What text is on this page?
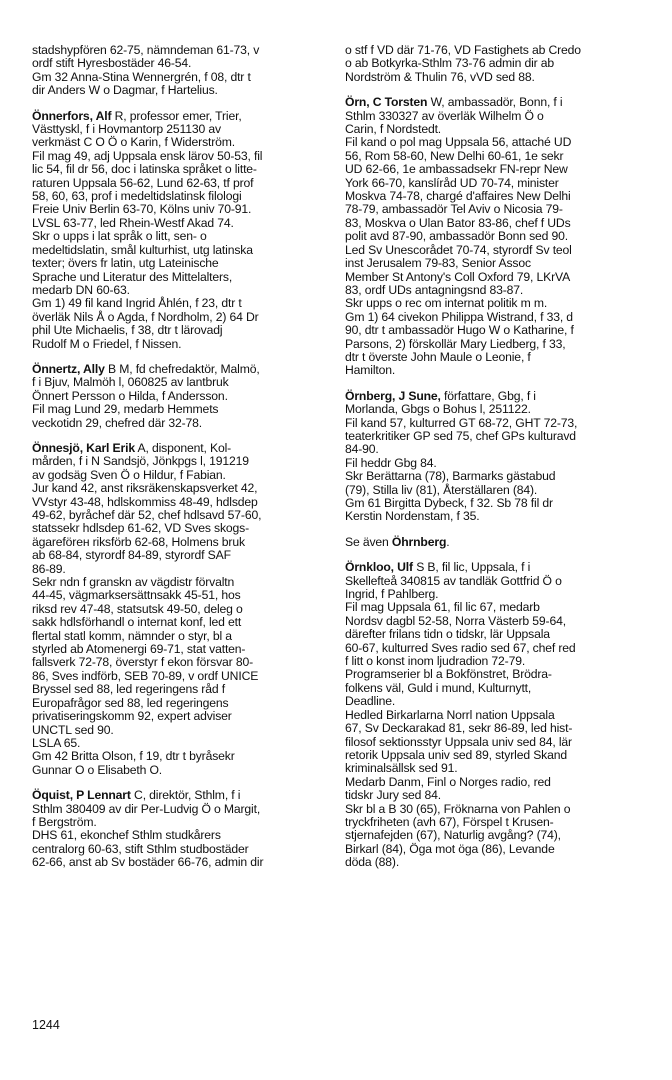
stadshypfören 62-75, nämndeman 61-73, v
ordf stift Hyresbostäder 46-54.
Gm 32 Anna-Stina Wennergrén, f 08, dtr t
dir Anders W o Dagmar, f Hartelius.
Önnerfors, Alf R, professor emer, Trier,
Västtyskl, f i Hovmantorp 251130 av
verkmäst C O Ö o Karin, f Widerström.
Fil mag 49, adj Uppsala ensk lärov 50-53, fil
lic 54, fil dr 56, doc i latinska språket o litte-
raturen Uppsala 56-62, Lund 62-63, tf prof
58, 60, 63, prof i medeltidslatinsk filologi
Freie Univ Berlin 63-70, Kölns univ 70-91.
LVSL 63-77, led Rhein-Westf Akad 74.
Skr o upps i lat språk o litt, sen- o
medeltidslatin, smål kulturhist, utg latinska
texter; övers fr latin, utg Lateinische
Sprache und Literatur des Mittelalters,
medarb DN 60-63.
Gm 1) 49 fil kand Ingrid Åhlén, f 23, dtr t
överläk Nils Å o Agda, f Nordholm, 2) 64 Dr
phil Ute Michaelis, f 38, dtr t lärovadj
Rudolf M o Friedel, f Nissen.
Önnertz, Ally B M, fd chefredaktör, Malmö,
f i Bjuv, Malmöh l, 060825 av lantbruk
Önnert Persson o Hilda, f Andersson.
Fil mag Lund 29, medarb Hemmets
veckotidn 29, chefred där 32-78.
Önnesjö, Karl Erik A, disponent, Kol-
mården, f i N Sandsjö, Jönkpgs l, 191219
av godsäg Sven Ö o Hildur, f Fabian.
Jur kand 42, anst riksräkenskapsverket 42,
VVstyr 43-48, hdlskommiss 48-49, hdlsdep
49-62, byråchef där 52, chef hdlsavd 57-60,
statssekr hdlsdep 61-62, VD Sves skogs-
ägareförен riksförb 62-68, Holmens bruk
ab 68-84, styrordf 84-89, styrordf SAF
86-89.
Sekr ndn f granskn av vägdistr förvaltn
44-45, vägmarksersättnsakk 45-51, hos
riksd rev 47-48, statsutsk 49-50, deleg o
sakk hdlsförhandl o internat konf, led ett
flertal statl komm, nämnder o styr, bl a
styrled ab Atomenergi 69-71, stat vatten-
fallsverk 72-78, överstyr f ekon försvar 80-
86, Sves indförb, SEB 70-89, v ordf UNICE
Bryssel sed 88, led regeringens råd f
Europafrågor sed 88, led regeringens
privatiseringskomm 92, expert adviser
UNCTL sed 90.
LSLA 65.
Gm 42 Britta Olson, f 19, dtr t byråsekr
Gunnar O o Elisabeth O.
Öquist, P Lennart C, direktör, Sthlm, f i
Sthlm 380409 av dir Per-Ludvig Ö o Margit,
f Bergström.
DHS 61, ekonchef Sthlm studkårers
centralorg 60-63, stift Sthlm studbostäder
62-66, anst ab Sv bostäder 66-76, admin dir
o stf f VD där 71-76, VD Fastighets ab Credo
o ab Botkyrka-Sthlm 73-76 admin dir ab
Nordström & Thulin 76, vVD sed 88.
Örn, C Torsten W, ambassadör, Bonn, f i
Sthlm 330327 av överläk Wilhelm Ö o
Carin, f Nordstedt.
Fil kand o pol mag Uppsala 56, attaché UD
56, Rom 58-60, New Delhi 60-61, 1e sekr
UD 62-66, 1e ambassadsekr FN-repr New
York 66-70, kanslíråd UD 70-74, minister
Moskva 74-78, chargé d'affaires New Delhi
78-79, ambassadör Tel Aviv o Nicosia 79-
83, Moskva o Ulan Bator 83-86, chef f UDs
polit avd 87-90, ambassadör Bonn sed 90.
Led Sv Unescorådet 70-74, styrordf Sv teol
inst Jerusalem 79-83, Senior Assoc
Member St Antony's Coll Oxford 79, LKrVA
83, ordf UDs antagningsnd 83-87.
Skr upps o rec om internat politik m m.
Gm 1) 64 civekon Philippa Wistrand, f 33, d
90, dtr t ambassadör Hugo W o Katharine, f
Parsons, 2) förskollär Mary Liedberg, f 33,
dtr t överste John Maule o Leonie, f
Hamilton.
Örnberg, J Sune, författare, Gbg, f i
Morlanda, Gbgs o Bohus l, 251122.
Fil kand 57, kulturred GT 68-72, GHT 72-73,
teaterkritiker GP sed 75, chef GPs kulturavd
84-90.
Fil heddr Gbg 84.
Skr Berättarna (78), Barmarks gästabud
(79), Stilla liv (81), Återställaren (84).
Gm 61 Birgitta Dybeck, f 32. Sb 78 fil dr
Kerstin Nordenstam, f 35.
Se även Öhrnberg.
Örnkloo, Ulf S B, fil lic, Uppsala, f i
Skellefteå 340815 av tandläk Gottfrid Ö o
Ingrid, f Pahlberg.
Fil mag Uppsala 61, fil lic 67, medarb
Nordsv dagbl 52-58, Norra Västerb 59-64,
därefter frilans tidn o tidskr, lär Uppsala
60-67, kulturred Sves radio sed 67, chef red
f litt o konst inom ljudradion 72-79.
Programserier bl a Bokfönstret, Brödra-
folkens väl, Guld i mund, Kulturnytt,
Deadline.
Hedled Birkarlarna Norrl nation Uppsala
67, Sv Deckarakad 81, sekr 86-89, led hist-
filosof sektionsstyr Uppsala univ sed 84, lär
retorik Uppsala univ sed 89, styrled Skand
kriminalsällsk sed 91.
Medarb Danm, Finl o Norges radio, red
tidskr Jury sed 84.
Skr bl a B 30 (65), Fröknarna von Pahlen o
tryckfriheten (avh 67), Förspel t Krusen-
stjernafejden (67), Naturlig avgång? (74),
Birkarl (84), Öga mot öga (86), Levande
döda (88).
1244
